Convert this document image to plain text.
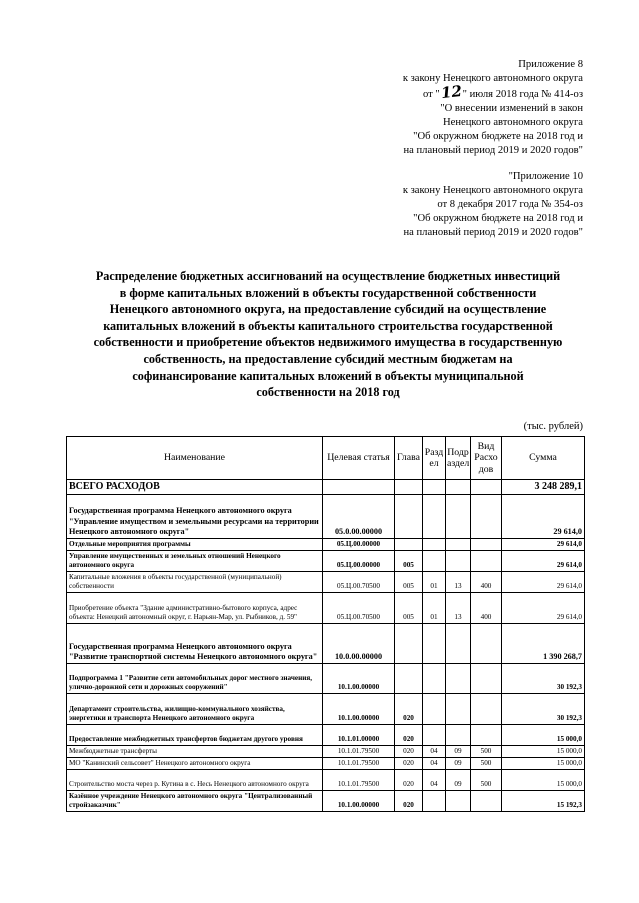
Приложение 8
к закону Ненецкого автономного округа
от "12" июля 2018 года № 414-оз
"О внесении изменений в закон
Ненецкого автономного округа
"Об окружном бюджете на 2018 год и
на плановый период 2019 и 2020 годов"
"Приложение 10
к закону Ненецкого автономного округа
от 8 декабря 2017 года № 354-оз
"Об окружном бюджете на 2018 год и
на плановый период 2019 и 2020 годов"
Распределение бюджетных ассигнований на осуществление бюджетных инвестиций
в форме капитальных вложений в объекты государственной собственности
Ненецкого автономного округа, на предоставление субсидий на осуществление
капитальных вложений в объекты капитального строительства государственной
собственности и приобретение объектов недвижимого имущества в государственную
собственность, на предоставление субсидий местным бюджетам на
софинансирование капитальных вложений в объекты муниципальной
собственности на 2018 год
(тыс. рублей)
Наименование	Целевая статья	Глава	Разд ел	Подр аздел	Вид Расхо дов	Сумма
ВСЕГО РАСХОДОВ						3 248 289,1
Государственная программа Ненецкого автономного округа "Управление имуществом и земельными ресурсами на территории Ненецкого автономного округа"	05.0.00.00000					29 614,0
Отдельные мероприятия программы	05.Ц.00.00000					29 614,0
Управление имущественных и земельных отношений Ненецкого автономного округа	05.Ц.00.00000	005				29 614,0
Капитальные вложения в объекты государственной (муниципальной) собственности	05.Ц.00.70500	005	01	13	400	29 614,0
Приобретение объекта "Здание административно-бытового корпуса, адрес объекта: Ненецкий автономный округ, г. Нарьян-Мар, ул. Рыбников, д. 59"	05.Ц.00.70500	005	01	13	400	29 614,0
Государственная программа Ненецкого автономного округа "Развитие транспортной системы Ненецкого автономного округа"	10.0.00.00000					1 390 268,7
Подпрограмма 1 "Развитие сети автомобильных дорог местного значения, улично-дорожной сети и дорожных сооружений"	10.1.00.00000					30 192,3
Департамент строительства, жилищно-коммунального хозяйства, энергетики и транспорта Ненецкого автономного округа	10.1.00.00000	020				30 192,3
Предоставление межбюджетных трансфертов бюджетам другого уровня	10.1.01.00000	020				15 000,0
Межбюджетные трансферты	10.1.01.79500	020	04	09	500	15 000,0
МО "Канинский сельсовет" Ненецкого автономного округа	10.1.01.79500	020	04	09	500	15 000,0
Строительство моста через р. Кутина в с. Несь Ненецкого автономного округа	10.1.01.79500	020	04	09	500	15 000,0
Казённое учреждение Ненецкого автономного округа "Централизованный стройзаказчик"	10.1.00.00000	020				15 192,3
